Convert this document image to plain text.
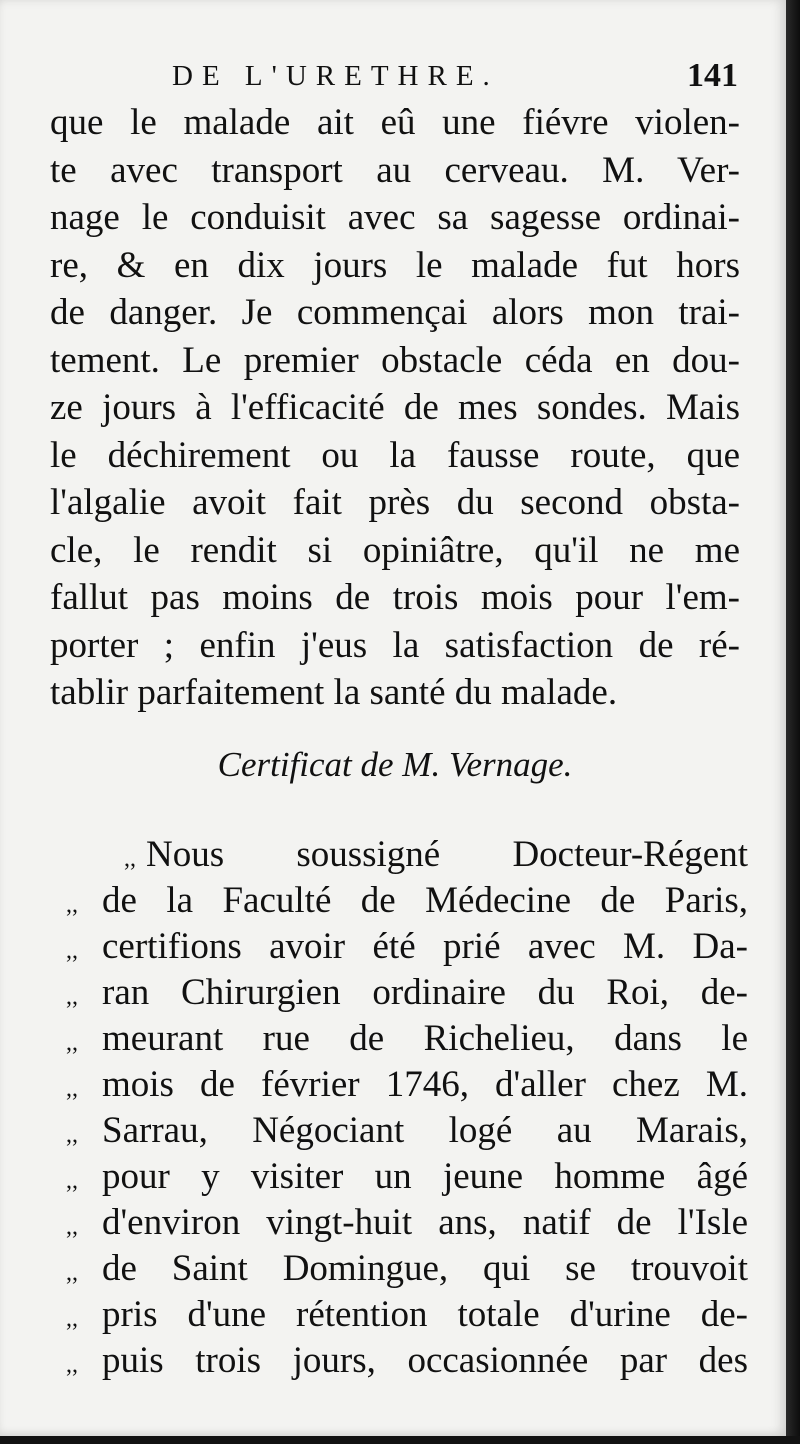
DE L'URETHRE.	141
que le malade ait eû une fiévre violen-
te avec transport au cerveau. M. Ver-
nage le conduisit avec sa sagesse ordinai-
re, & en dix jours le malade fut hors
de danger. Je commençai alors mon trai-
tement. Le premier obstacle céda en dou-
ze jours à l'efficacité de mes sondes. Mais
le déchirement ou la fausse route, que
l'algalie avoit fait près du second obsta-
cle, le rendit si opiniâtre, qu'il ne me
fallut pas moins de trois mois pour l'em-
porter ; enfin j'eus la satisfaction de ré-
tablir parfaitement la santé du malade.
Certificat de M. Vernage.
,, Nous soussigné Docteur-Régent
,, de la Faculté de Médecine de Paris,
,, certifions avoir été prié avec M. Da-
,, ran Chirurgien ordinaire du Roi, de-
,, meurant rue de Richelieu, dans le
,, mois de février 1746, d'aller chez M.
,, Sarrau, Négociant logé au Marais,
,, pour y visiter un jeune homme âgé
,, d'environ vingt-huit ans, natif de l'Isle
,, de Saint Domingue, qui se trouvoit
,, pris d'une rétention totale d'urine de-
,, puis trois jours, occasionnée par des
